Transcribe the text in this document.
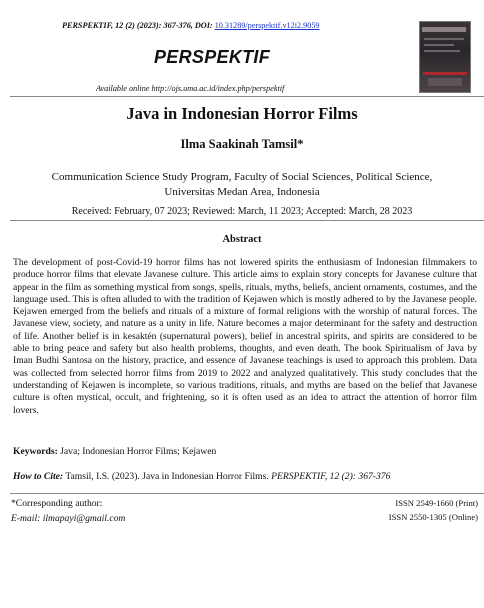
PERSPEKTIF, 12 (2) (2023): 367-376, DOI: 10.31289/perspektif.v12i2.9059
PERSPEKTIF
Available online http://ojs.uma.ac.id/index.php/perspektif
Java in Indonesian Horror Films
Ilma Saakinah Tamsil*
Communication Science Study Program, Faculty of Social Sciences, Political Science,
Universitas Medan Area, Indonesia
Received: February, 07 2023; Reviewed: March, 11 2023; Accepted: March, 28 2023
Abstract
The development of post-Covid-19 horror films has not lowered spirits the enthusiasm of Indonesian filmmakers to produce horror films that elevate Javanese culture. This article aims to explain story concepts for Javanese culture that appear in the film as something mystical from songs, spells, rituals, myths, beliefs, ancient ornaments, costumes, and the language used. This is often alluded to with the tradition of Kejawen which is mostly adhered to by the Javanese people. Kejawen emerged from the beliefs and rituals of a mixture of formal religions with the worship of natural forces. The Javanese view, society, and nature as a unity in life. Nature becomes a major determinant for the safety and destruction of life. Another belief is in kesaktén (supernatural powers), belief in ancestral spirits, and spirits are considered to be able to bring peace and safety but also health problems, thoughts, and even death. The book Spiritualism of Java by Iman Budhi Santosa on the history, practice, and essence of Javanese teachings is used to approach this problem. Data was collected from selected horror films from 2019 to 2022 and analyzed qualitatively. This study concludes that the understanding of Kejawen is incomplete, so various traditions, rituals, and myths are based on the belief that Javanese culture is often mystical, occult, and frightening, so it is often used as an idea to attract the attention of horror film lovers.
Keywords: Java; Indonesian Horror Films; Kejawen
How to Cite: Tamsil, I.S. (2023). Java in Indonesian Horror Films. PERSPEKTIF, 12 (2): 367-376
*Corresponding author:
E-mail: ilmapayi@gmail.com
ISSN 2549-1660 (Print)
ISSN 2550-1305 (Online)
